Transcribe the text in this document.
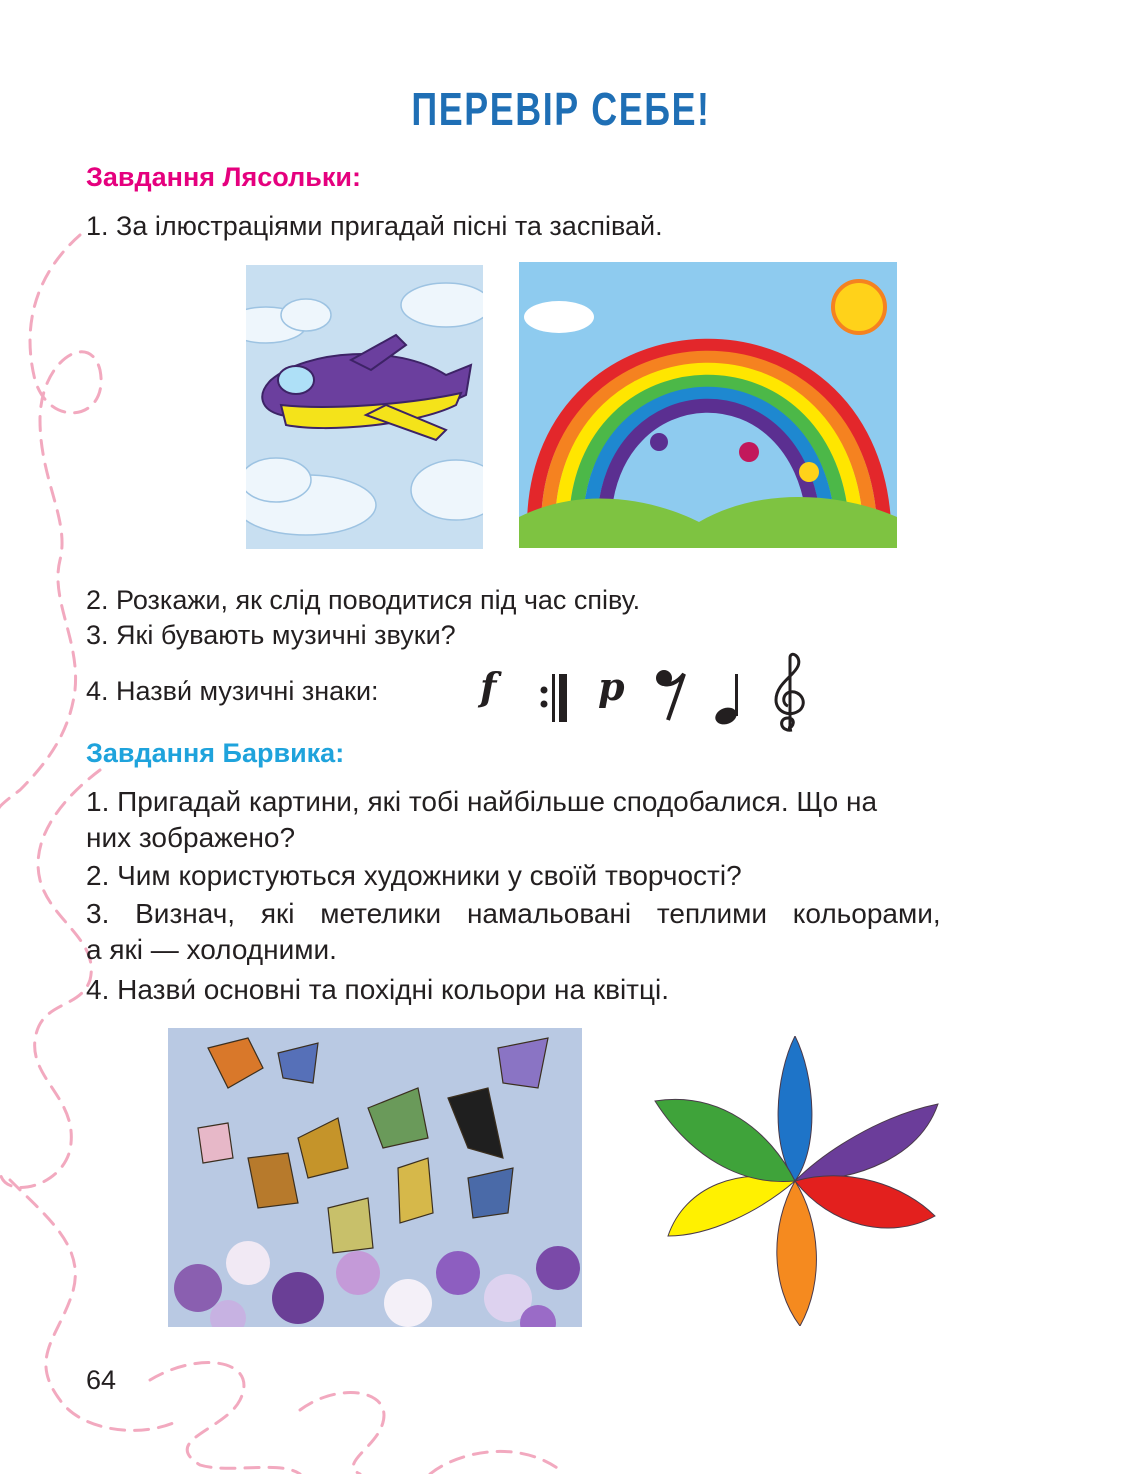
ПЕРЕВІР СЕБЕ!
Завдання Лясольки:
1. За ілюстраціями пригадай пісні та заспівай.
2. Розкажи, як слід поводитися під час співу.
3. Які бувають музичні звуки?
4. Назви́ музичні знаки:	f	p
Завдання Барвика:
1. Пригадай картини, які тобі найбільше сподобалися. Що на
них зображено?
2. Чим користуються художники у своїй творчості?
3. Визнач, які метелики намальовані теплими кольорами,
а які — холодними.
4. Назви́ основні та похідні кольори на квітці.
64
